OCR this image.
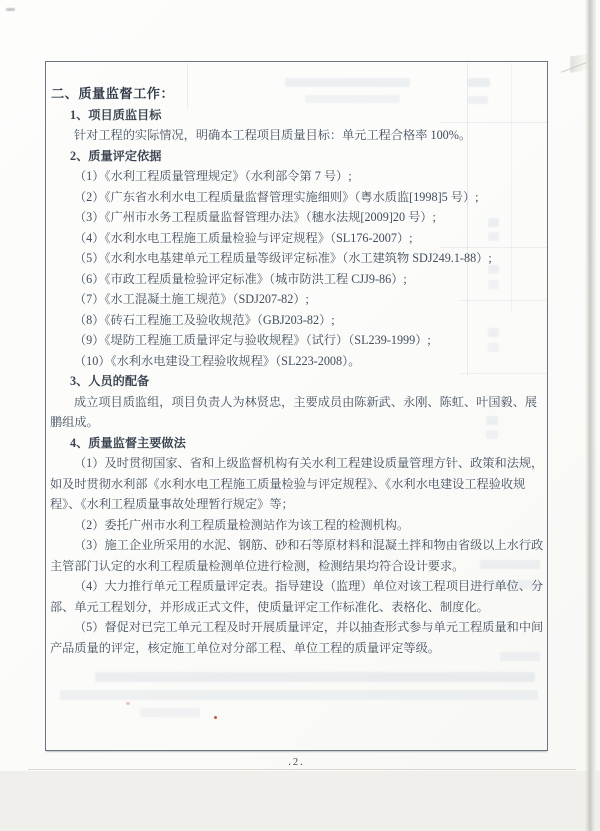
二、质量监督工作：

1、项目质监目标

针对工程的实际情况，明确本工程项目质量目标：单元工程合格率 100%。

2、质量评定依据

（1）《水利工程质量管理规定》（水利部令第 7 号）;

（2）《广东省水利水电工程质量监督管理实施细则》（粤水质监[1998]5 号）;

（3）《广州市水务工程质量监督管理办法》（穗水法规[2009]20 号）;

（4）《水利水电工程施工质量检验与评定规程》（SL176-2007）;

（5）《水利水电基建单元工程质量等级评定标准》（水工建筑物 SDJ249.1-88）;

（6）《市政工程质量检验评定标准》（城市防洪工程 CJJ9-86）;

（7）《水工混凝土施工规范》（SDJ207-82）;

（8）《砖石工程施工及验收规范》（GBJ203-82）;

（9）《堤防工程施工质量评定与验收规程》（试行）（SL239-1999）;

（10）《水利水电建设工程验收规程》（SL223-2008）。

3、人员的配备

成立项目质监组，项目负责人为林贤忠，主要成员由陈新武、永刚、陈虹、叶国毅、展鹏组成。

4、质量监督主要做法

（1）及时贯彻国家、省和上级监督机构有关水利工程建设质量管理方针、政策和法规，如及时贯彻水利部《水利水电工程施工质量检验与评定规程》、《水利水电建设工程验收规程》、《水利工程质量事故处理暂行规定》等；

（2）委托广州市水利工程质量检测站作为该工程的检测机构。

（3）施工企业所采用的水泥、钢筋、砂和石等原材料和混凝土拌和物由省级以上水行政主管部门认定的水利工程质量检测单位进行检测，检测结果均符合设计要求。

（4）大力推行单元工程质量评定表。指导建设（监理）单位对该工程项目进行单位、分部、单元工程划分，并形成正式文件，使质量评定工作标准化、表格化、制度化。

（5）督促对已完工单元工程及时开展质量评定，并以抽查形式参与单元工程质量和中间产品质量的评定，核定施工单位对分部工程、单位工程的质量评定等级。

.2.
